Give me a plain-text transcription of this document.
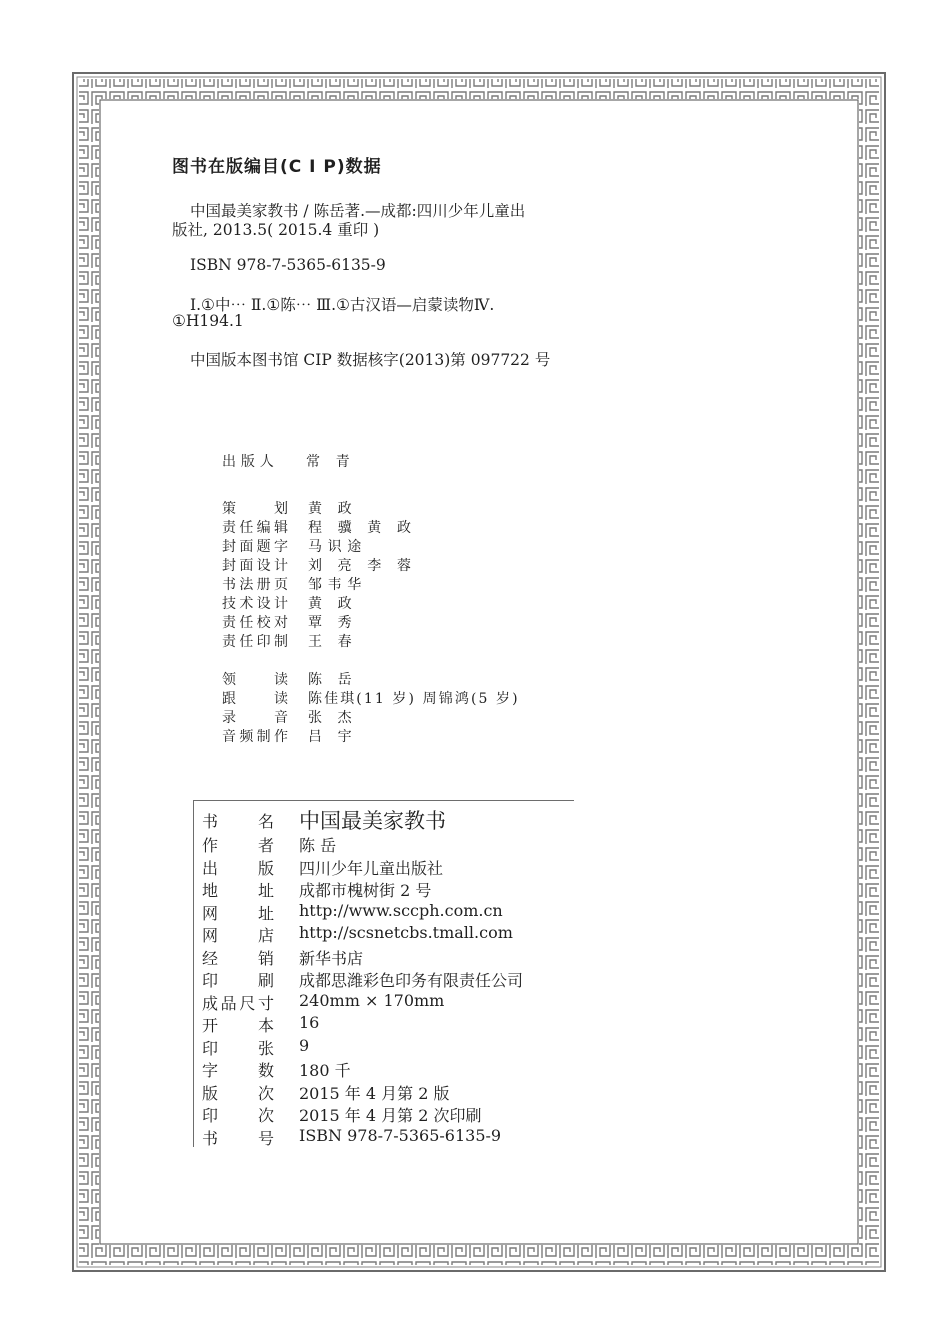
图书在版编目(C I P)数据
中国最美家教书 / 陈岳著.—成都:四川少年儿童出
版社, 2013.5( 2015.4 重印 )
ISBN 978-7-5365-6135-9
Ⅰ.①中⋯ Ⅱ.①陈⋯ Ⅲ.①古汉语—启蒙读物Ⅳ.
①H194.1
中国版本图书馆 CIP 数据核字(2013)第 097722 号
出版人 常 青
策划 黄 政
责任编辑 程 骥 黄 政
封面题字 马识途
封面设计 刘 亮 李 蓉
书法册页 邹韦华
技术设计 黄 政
责任校对 覃 秀
责任印制 王 春
领读 陈 岳
跟读 陈佳琪(11 岁) 周锦鸿(5 岁)
录音 张 杰
音频制作 吕 宇
书名 中国最美家教书
作者 陈 岳
出版 四川少年儿童出版社
地址 成都市槐树街 2 号
网址 http://www.sccph.com.cn
网店 http://scsnetcbs.tmall.com
经销 新华书店
印刷 成都思潍彩色印务有限责任公司
成品尺寸 240mm × 170mm
开本 16
印张 9
字数 180 千
版次 2015 年 4 月第 2 版
印次 2015 年 4 月第 2 次印刷
书号 ISBN 978-7-5365-6135-9
